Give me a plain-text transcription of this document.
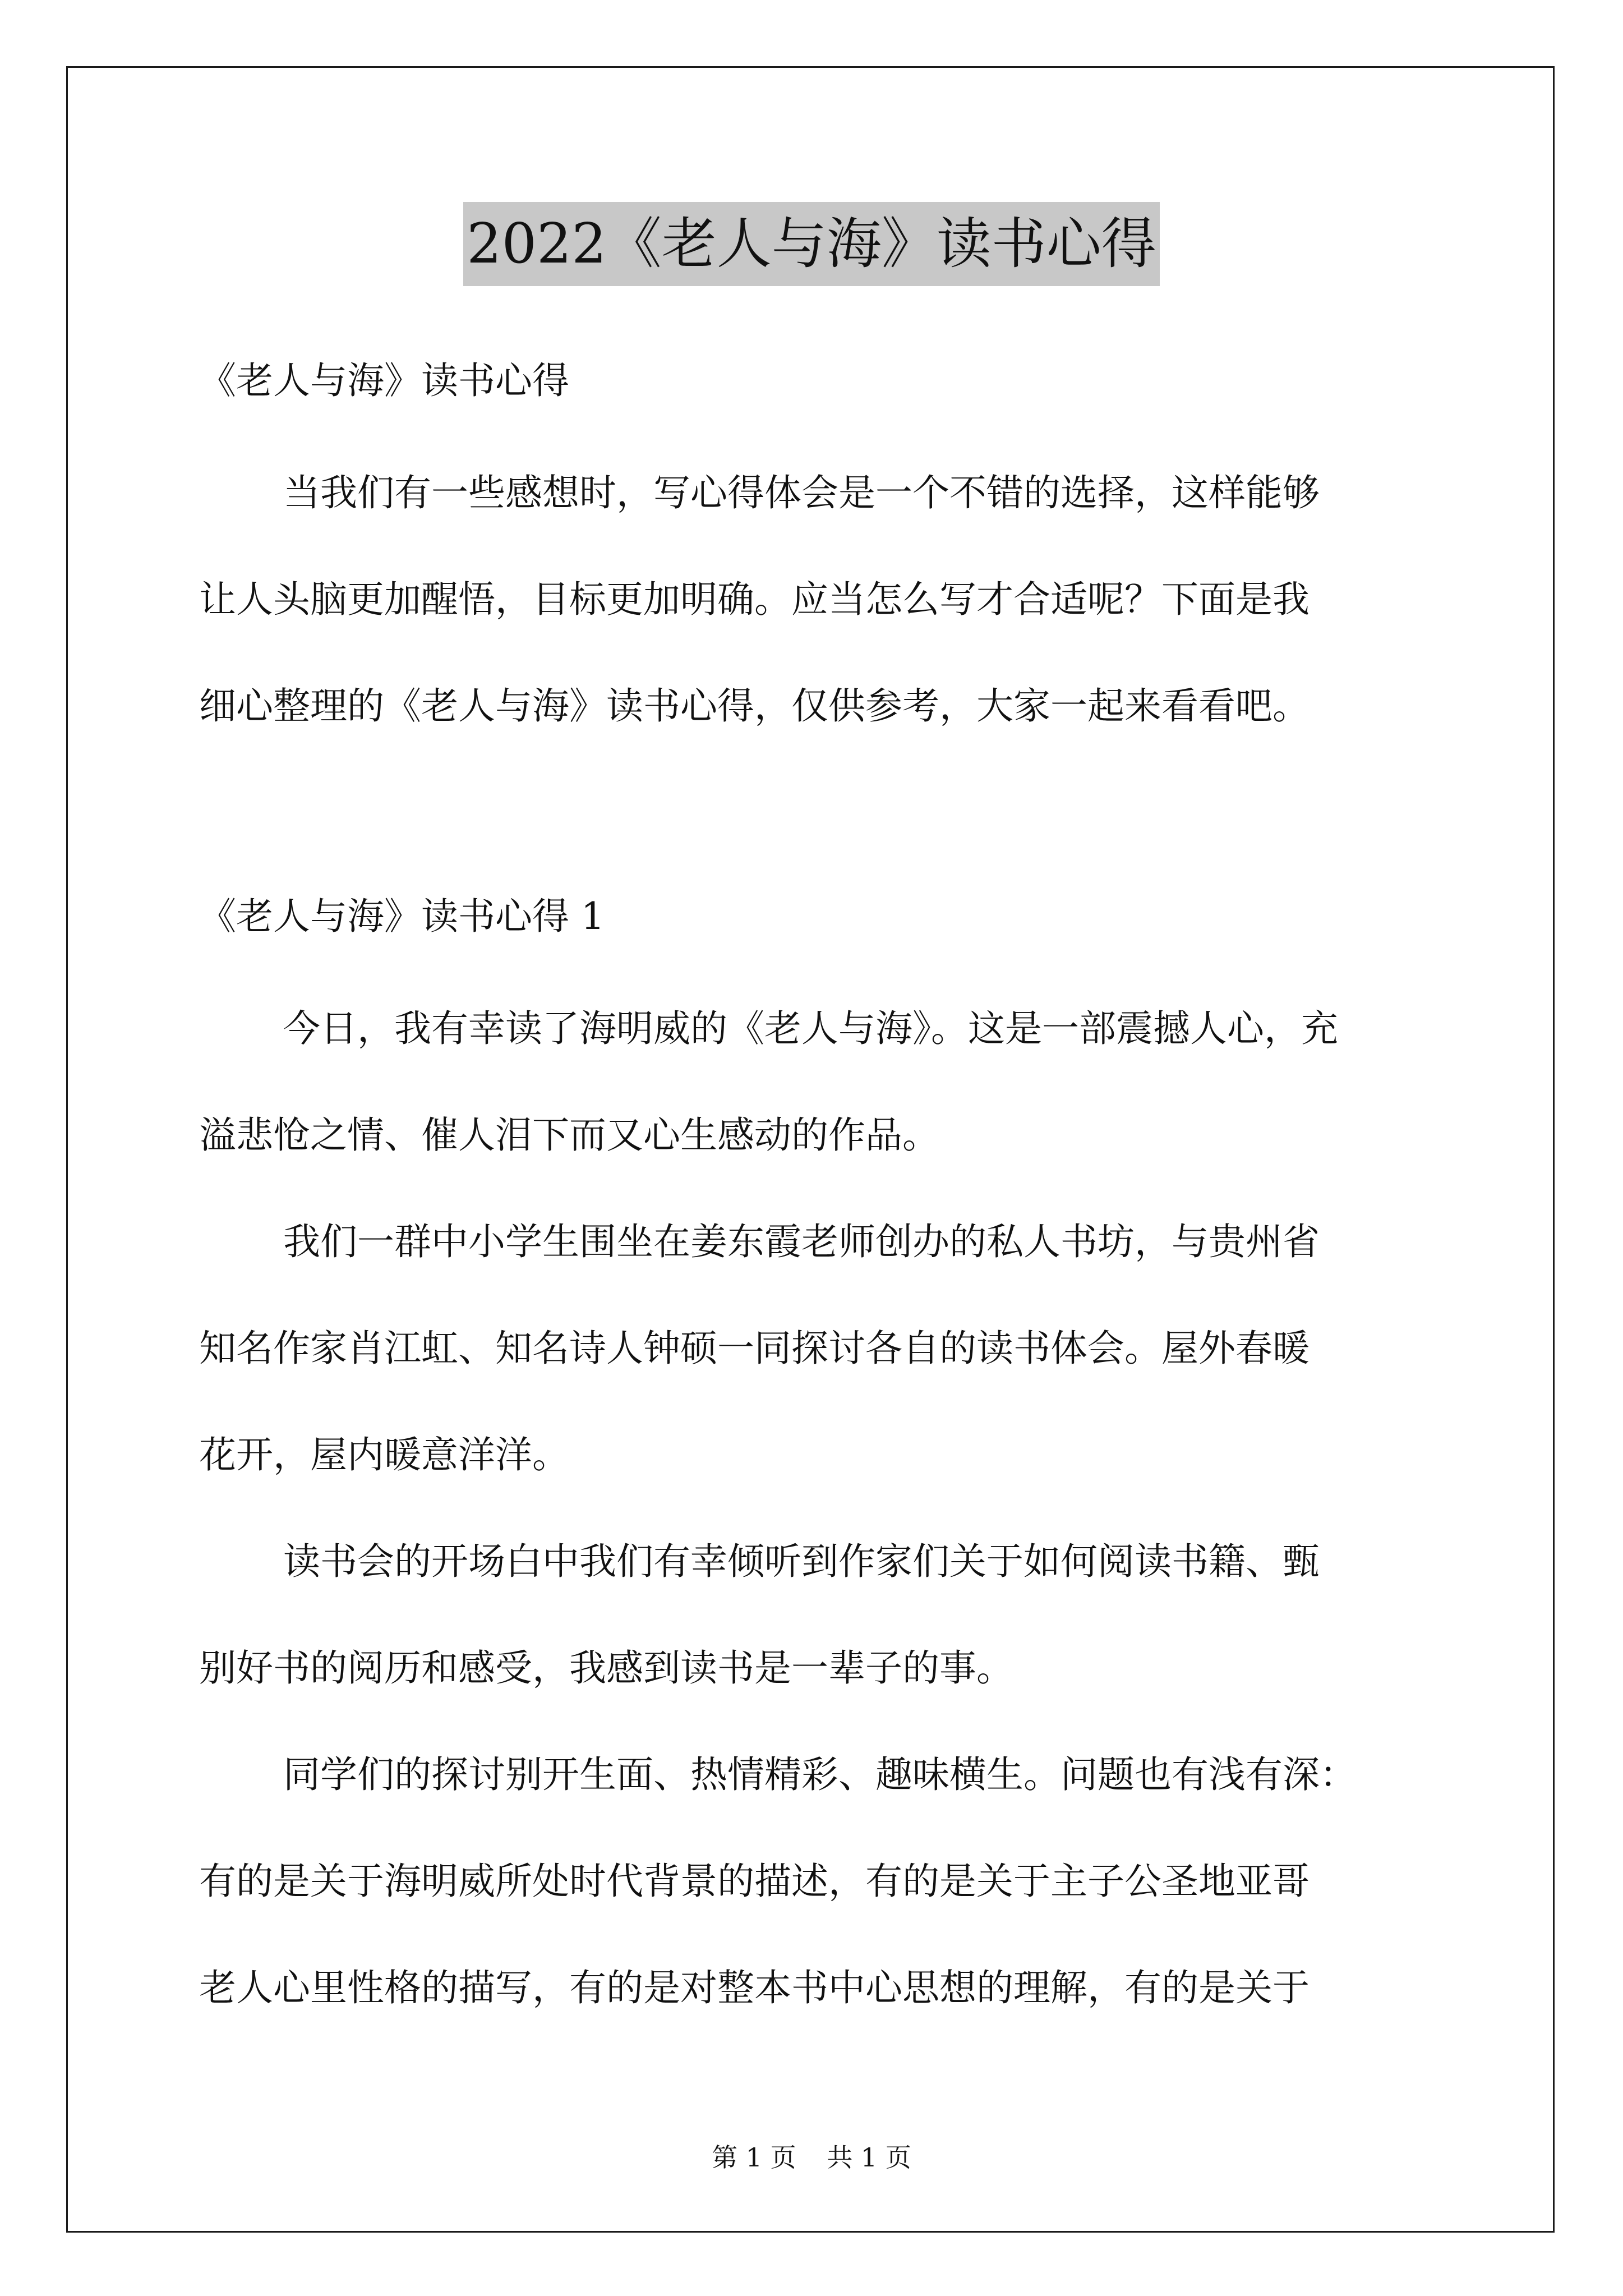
2022《老人与海》读书心得
《老人与海》读书心得
当我们有一些感想时，写心得体会是一个不错的选择，这样能够
让人头脑更加醒悟，目标更加明确。应当怎么写才合适呢？下面是我
细心整理的《老人与海》读书心得，仅供参考，大家一起来看看吧。
《老人与海》读书心得 1
今日，我有幸读了海明威的《老人与海》。这是一部震撼人心，充
溢悲怆之情、催人泪下而又心生感动的作品。
我们一群中小学生围坐在姜东霞老师创办的私人书坊，与贵州省
知名作家肖江虹、知名诗人钟硕一同探讨各自的读书体会。屋外春暖
花开，屋内暖意洋洋。
读书会的开场白中我们有幸倾听到作家们关于如何阅读书籍、甄
别好书的阅历和感受，我感到读书是一辈子的事。
同学们的探讨别开生面、热情精彩、趣味横生。问题也有浅有深：
有的是关于海明威所处时代背景的描述，有的是关于主子公圣地亚哥
老人心里性格的描写，有的是对整本书中心思想的理解，有的是关于
第 1 页 共 1 页
